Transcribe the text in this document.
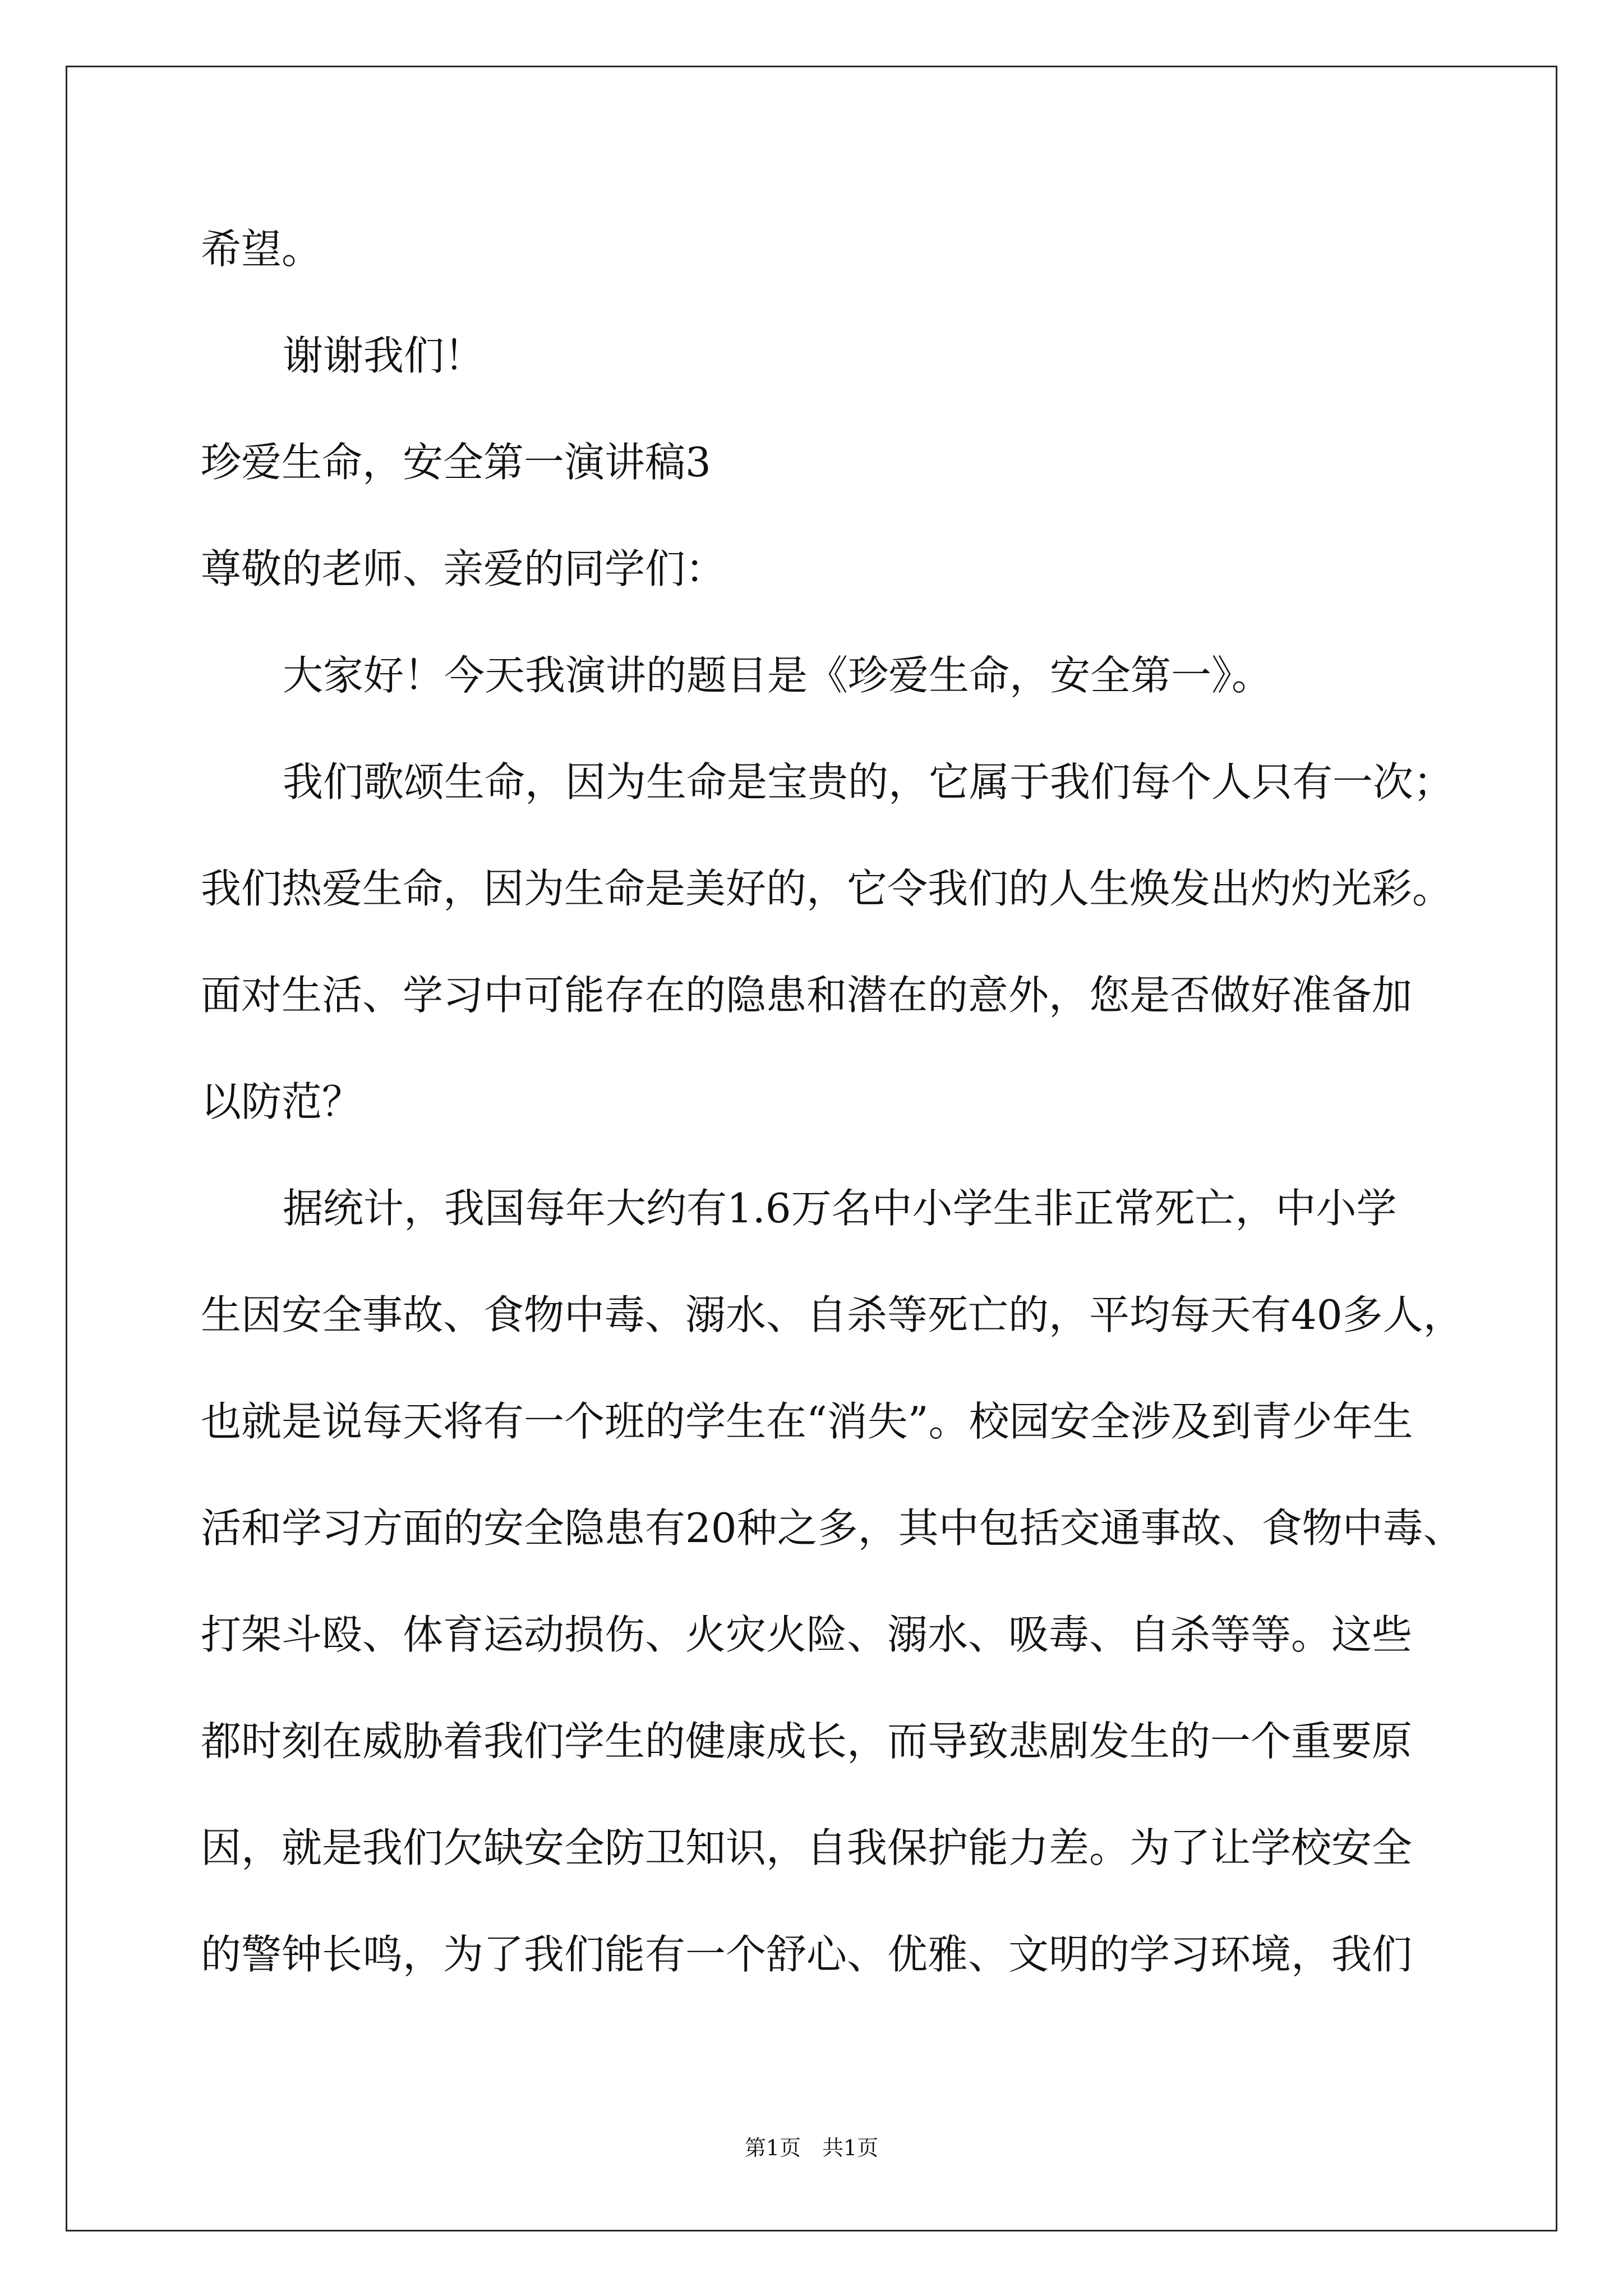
希望。
谢谢我们！
珍爱生命，安全第一演讲稿3
尊敬的老师、亲爱的同学们：
大家好！今天我演讲的题目是《珍爱生命，安全第一》。
我们歌颂生命，因为生命是宝贵的，它属于我们每个人只有一次；
我们热爱生命，因为生命是美好的，它令我们的人生焕发出灼灼光彩。
面对生活、学习中可能存在的隐患和潜在的意外，您是否做好准备加
以防范？
据统计，我国每年大约有1.6万名中小学生非正常死亡，中小学
生因安全事故、食物中毒、溺水、自杀等死亡的，平均每天有40多人，
也就是说每天将有一个班的学生在“消失”。校园安全涉及到青少年生
活和学习方面的安全隐患有20种之多，其中包括交通事故、食物中毒、
打架斗殴、体育运动损伤、火灾火险、溺水、吸毒、自杀等等。这些
都时刻在威胁着我们学生的健康成长，而导致悲剧发生的一个重要原
因，就是我们欠缺安全防卫知识，自我保护能力差。为了让学校安全
的警钟长鸣，为了我们能有一个舒心、优雅、文明的学习环境，我们
第1页　共1页
